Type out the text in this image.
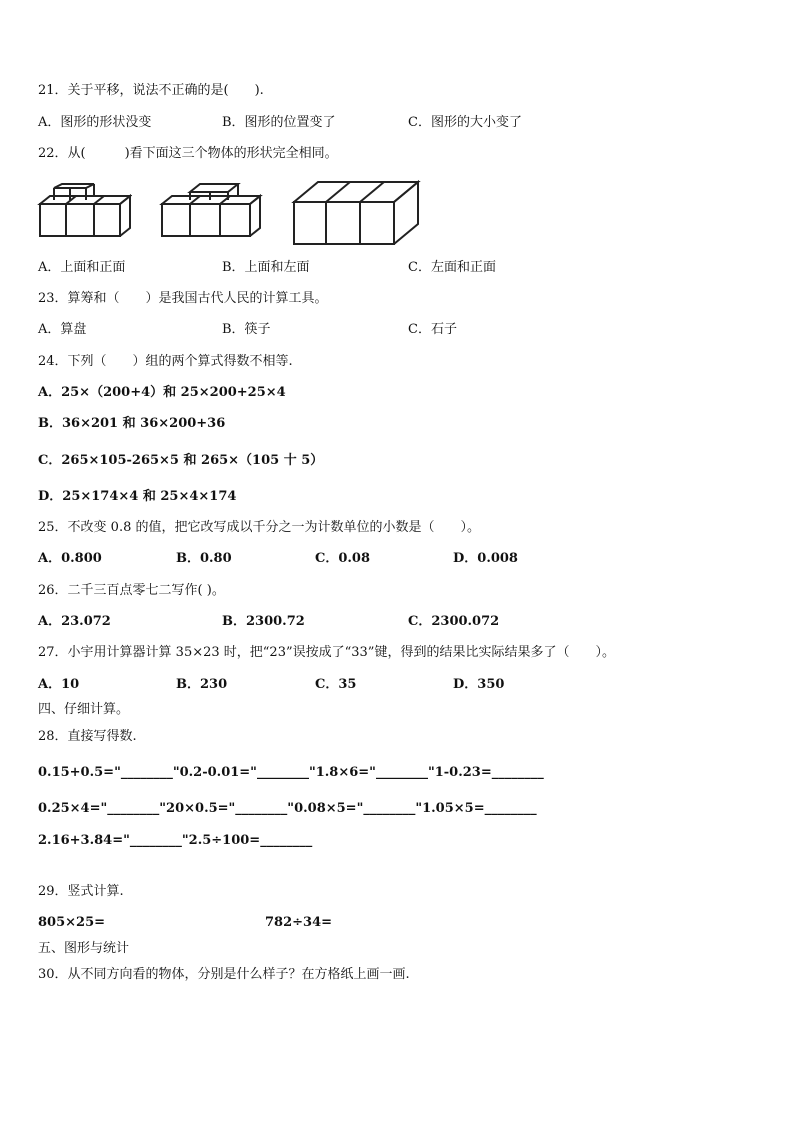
21．关于平移，说法不正确的是(　　).
A．图形的形状没变	B．图形的位置变了	C．图形的大小变了
22．从(　　　)看下面这三个物体的形状完全相同。
A．上面和正面	B．上面和左面	C．左面和正面
23．算筹和（　　）是我国古代人民的计算工具。
A．算盘	B．筷子	C．石子
24．下列（　　）组的两个算式得数不相等.
A．25×（200+4）和 25×200+25×4
B．36×201 和 36×200+36
C．265×105-265×5 和 265×（105 十 5）
D．25×174×4 和 25×4×174
25．不改变 0.8 的值，把它改写成以千分之一为计数单位的小数是（　　）。
A．0.800	B．0.80	C．0.08	D．0.008
26．二千三百点零七二写作( )。
A．23.072	B．2300.72	C．2300.072
27．小宇用计算器计算 35×23 时，把“23”误按成了“33”键，得到的结果比实际结果多了（　　）。
A．10	B．230	C．35	D．350
四、仔细计算。
28．直接写得数.
0.15+0.5="________"0.2-0.01="________"1.8×6="________"1-0.23=________
0.25×4="________"20×0.5="________"0.08×5="________"1.05×5=________
2.16+3.84="________"2.5÷100=________
29．竖式计算.
805×25=	782÷34=
五、图形与统计
30．从不同方向看的物体，分别是什么样子？在方格纸上画一画.
